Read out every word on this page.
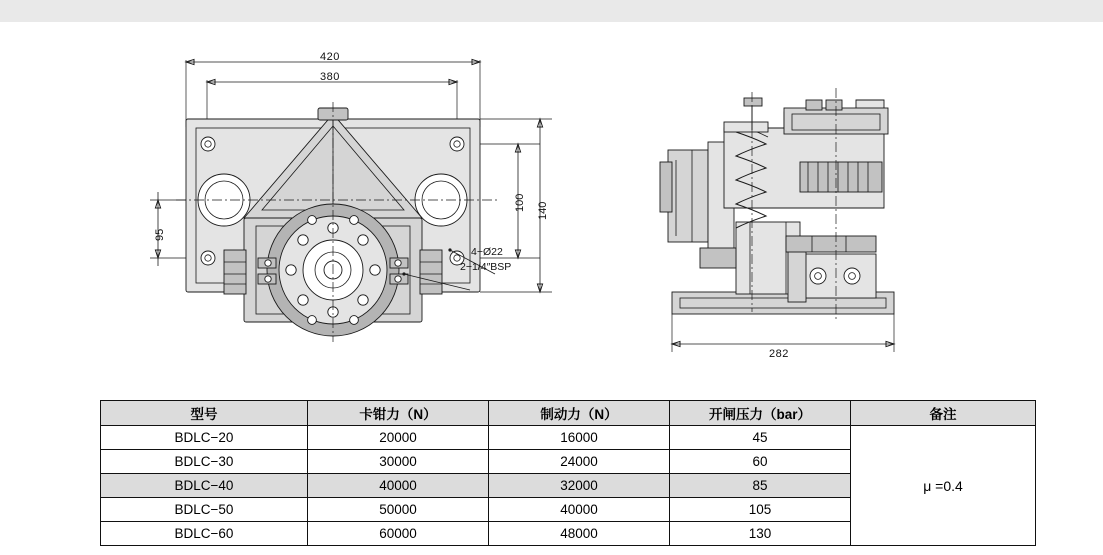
420
380
100 140
95
4−Ø22
2−1/4″BSP
282
型号	卡钳力（N）	制动力（N）	开闸压力（bar）	备注
BDLC−20	20000	16000	45	μ =0.4
BDLC−30	30000	24000	60	
BDLC−40	40000	32000	85	
BDLC−50	50000	40000	105	
BDLC−60	60000	48000	130	
